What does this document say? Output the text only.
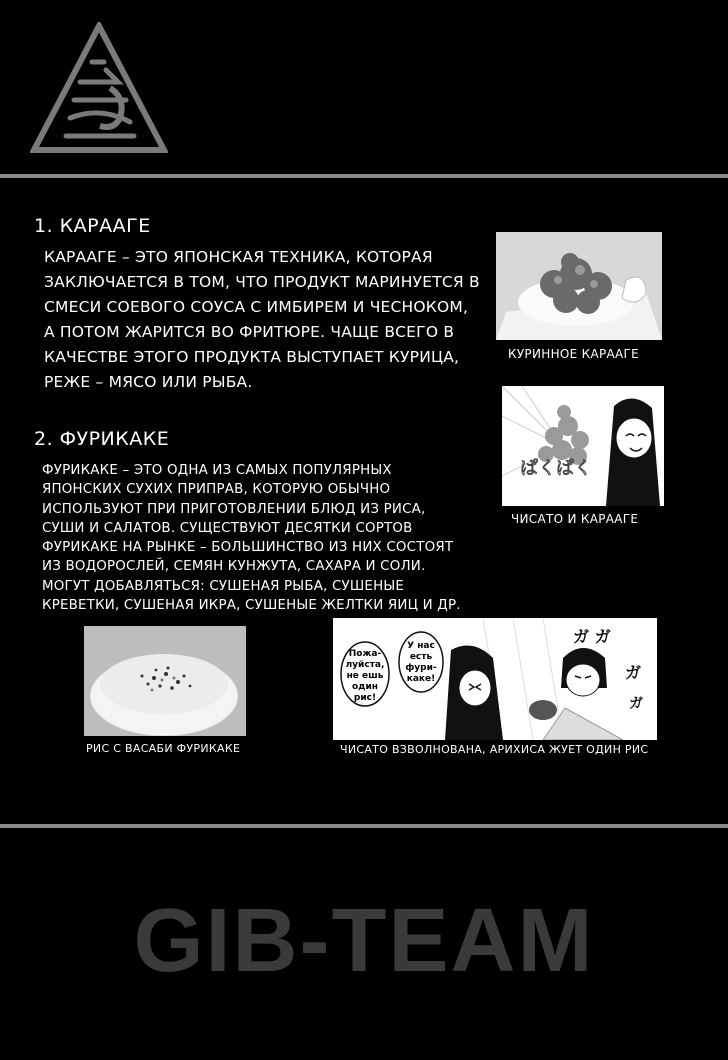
1. КАРААГЕ
КАРААГЕ – ЭТО ЯПОНСКАЯ ТЕХНИКА, КОТОРАЯ ЗАКЛЮЧАЕТСЯ В ТОМ, ЧТО ПРОДУКТ МАРИНУЕТСЯ В СМЕСИ СОЕВОГО СОУСА С ИМБИРЕМ И ЧЕСНОКОМ, А ПОТОМ ЖАРИТСЯ ВО ФРИТЮРЕ. ЧАЩЕ ВСЕГО В КАЧЕСТВЕ ЭТОГО ПРОДУКТА ВЫСТУПАЕТ КУРИЦА, РЕЖЕ – МЯСО ИЛИ РЫБА.
КУРИННОЕ КАРААГЕ
ぱくぱく
ЧИСАТО И КАРААГЕ
2. ФУРИКАКЕ
ФУРИКАКЕ – ЭТО ОДНА ИЗ САМЫХ ПОПУЛЯРНЫХ ЯПОНСКИХ СУХИХ ПРИПРАВ, КОТОРУЮ ОБЫЧНО ИСПОЛЬЗУЮТ ПРИ ПРИГОТОВЛЕНИИ БЛЮД ИЗ РИСА, СУШИ И САЛАТОВ. СУЩЕСТВУЮТ ДЕСЯТКИ СОРТОВ ФУРИКАКЕ НА РЫНКЕ – БОЛЬШИНСТВО ИЗ НИХ СОСТОЯТ ИЗ ВОДОРОСЛЕЙ, СЕМЯН КУНЖУТА, САХАРА И СОЛИ. МОГУТ ДОБАВЛЯТЬСЯ: СУШЕНАЯ РЫБА, СУШЕНЫЕ КРЕВЕТКИ, СУШЕНАЯ ИКРА, СУШЕНЫЕ ЖЕЛТКИ ЯИЦ И ДР.
РИС С ВАСАБИ ФУРИКАКЕ
Пожа-
луйста,
не ешь
один
рис!
У нас
есть
фури-
каке!
ガ ガ
ガ
ガ
ЧИСАТО ВЗВОЛНОВАНА, АРИХИСА ЖУЕТ ОДИН РИС
GIB-TEAM
